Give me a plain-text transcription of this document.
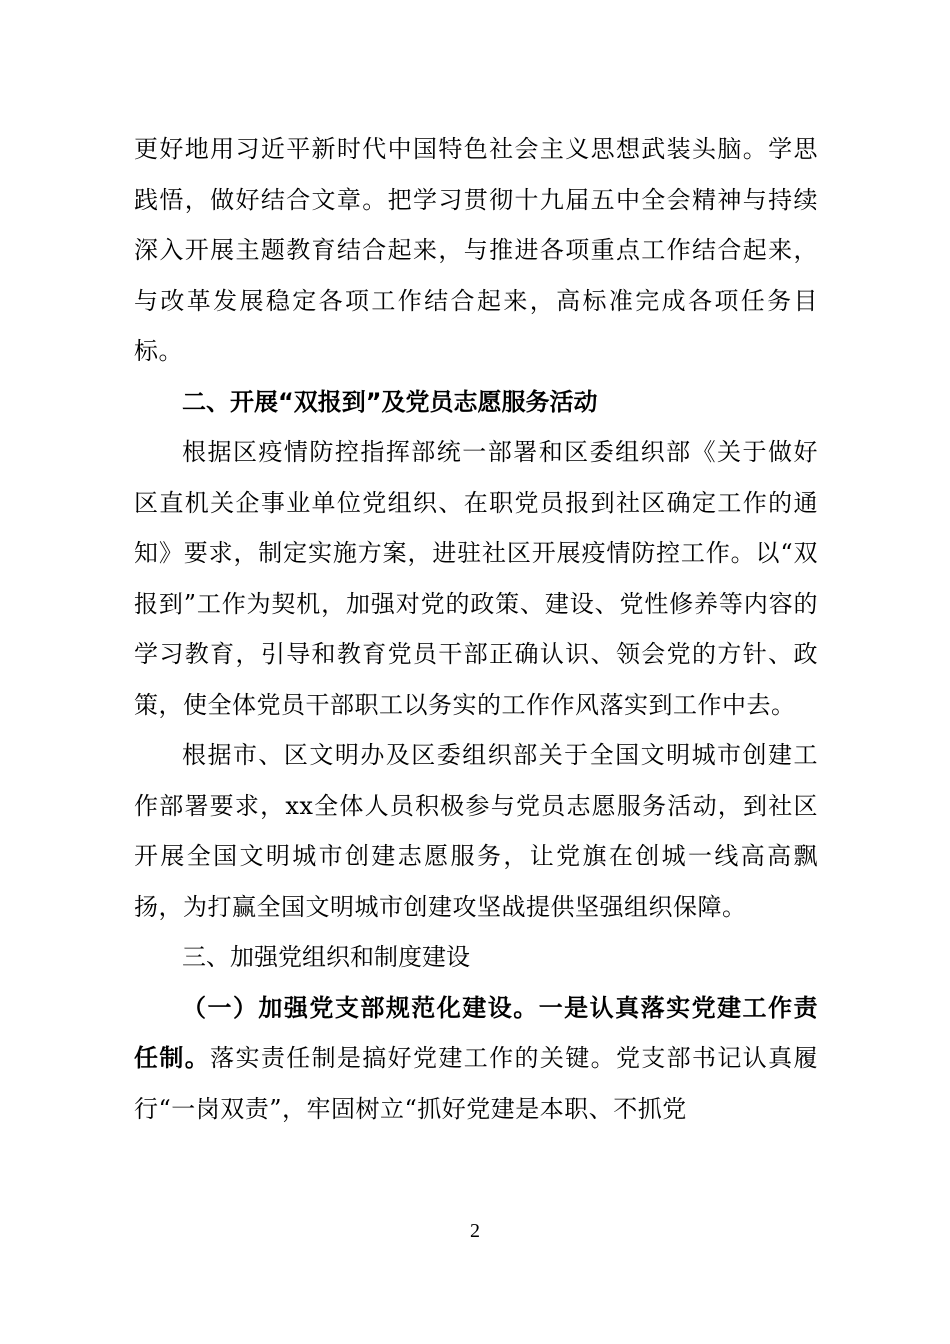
更好地用习近平新时代中国特色社会主义思想武装头脑。学思践悟，做好结合文章。把学习贯彻十九届五中全会精神与持续深入开展主题教育结合起来，与推进各项重点工作结合起来，与改革发展稳定各项工作结合起来，高标准完成各项任务目标。

二、开展“双报到”及党员志愿服务活动

根据区疫情防控指挥部统一部署和区委组织部《关于做好区直机关企事业单位党组织、在职党员报到社区确定工作的通知》要求，制定实施方案，进驻社区开展疫情防控工作。以“双报到”工作为契机，加强对党的政策、建设、党性修养等内容的学习教育，引导和教育党员干部正确认识、领会党的方针、政策，使全体党员干部职工以务实的工作作风落实到工作中去。

根据市、区文明办及区委组织部关于全国文明城市创建工作部署要求，xx全体人员积极参与党员志愿服务活动，到社区开展全国文明城市创建志愿服务，让党旗在创城一线高高飘扬，为打赢全国文明城市创建攻坚战提供坚强组织保障。

三、加强党组织和制度建设

（一）加强党支部规范化建设。一是认真落实党建工作责任制。落实责任制是搞好党建工作的关键。党支部书记认真履行“一岗双责”，牢固树立“抓好党建是本职、不抓党

2
